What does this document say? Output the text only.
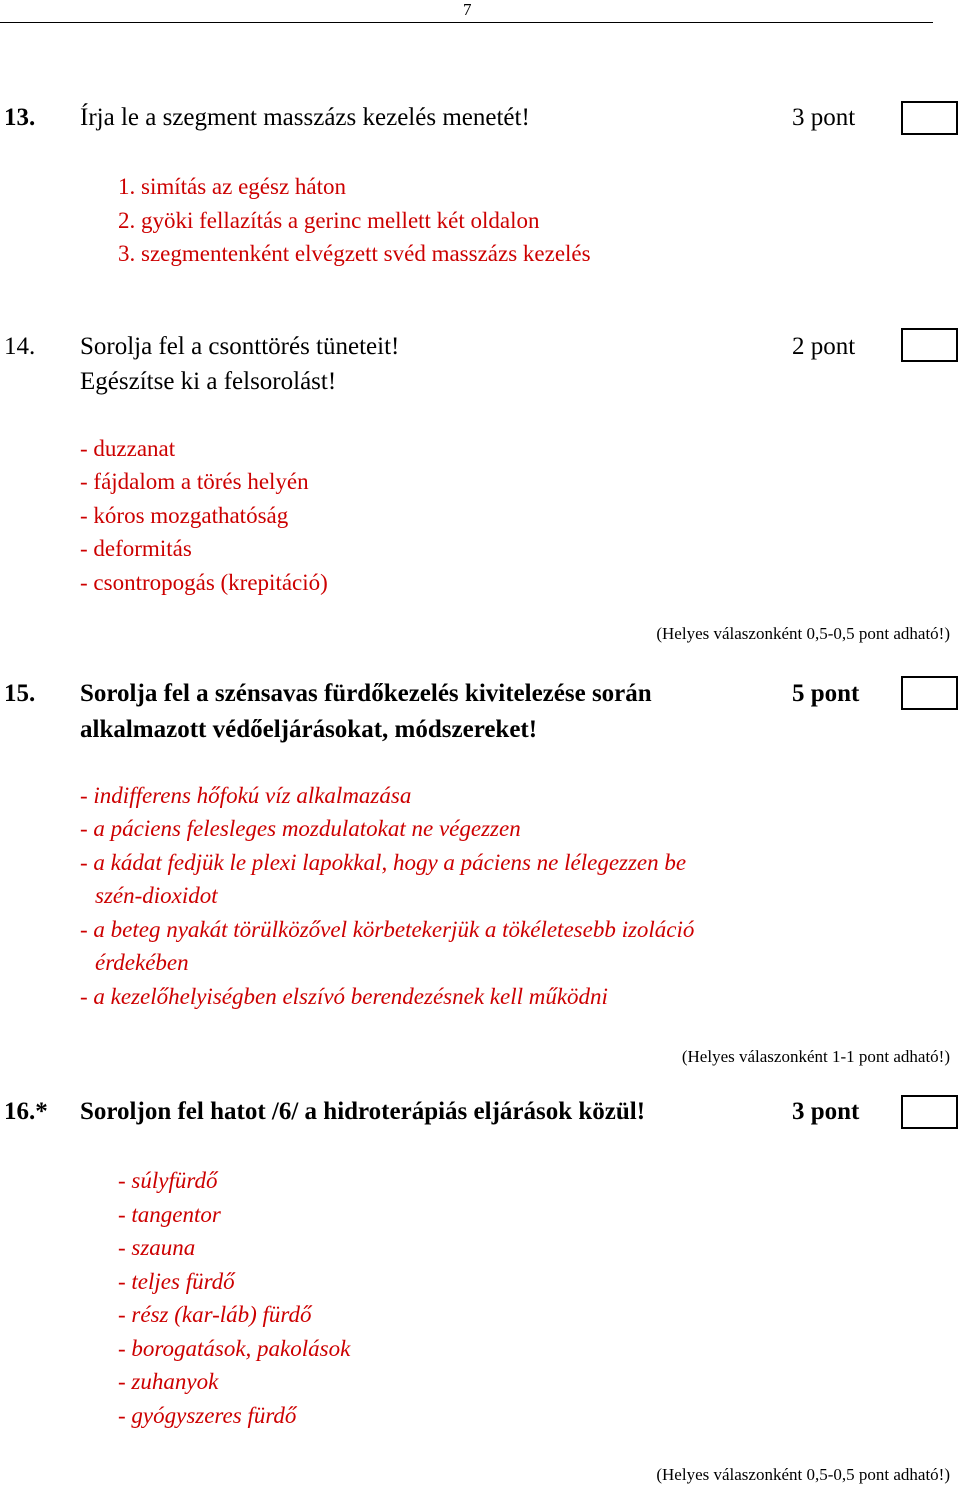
7
13. Írja le a szegment masszázs kezelés menetét!	3 pont
1. simítás az egész háton
2. gyöki fellazítás a gerinc mellett két oldalon
3. szegmentenként elvégzett svéd masszázs kezelés
14. Sorolja fel a csonttörés tüneteit!
Egészítse ki a felsorolást!
2 pont
- duzzanat
- fájdalom a törés helyén
- kóros mozgathatóság
- deformitás
- csontropogás (krepitáció)
(Helyes válaszonként 0,5-0,5 pont adható!)
15. Sorolja fel a szénsavas fürdőkezelés kivitelezése során
alkalmazott védőeljárásokat, módszereket!
5 pont
- indifferens hőfokú víz alkalmazása
- a páciens felesleges mozdulatokat ne végezzen
- a kádat fedjük le plexi lapokkal, hogy a páciens ne lélegezzen be
szén-dioxidot
- a beteg nyakát törülközővel körbetekerjük a tökéletesebb izoláció
érdekében
- a kezelőhelyiségben elszívó berendezésnek kell működni
(Helyes válaszonként 1-1 pont adható!)
16.* Soroljon fel hatot /6/ a hidroterápiás eljárások közül!	3 pont
- súlyfürdő
- tangentor
- szauna
- teljes fürdő
- rész (kar-láb) fürdő
- borogatások, pakolások
- zuhanyok
- gyógyszeres fürdő
(Helyes válaszonként 0,5-0,5 pont adható!)
